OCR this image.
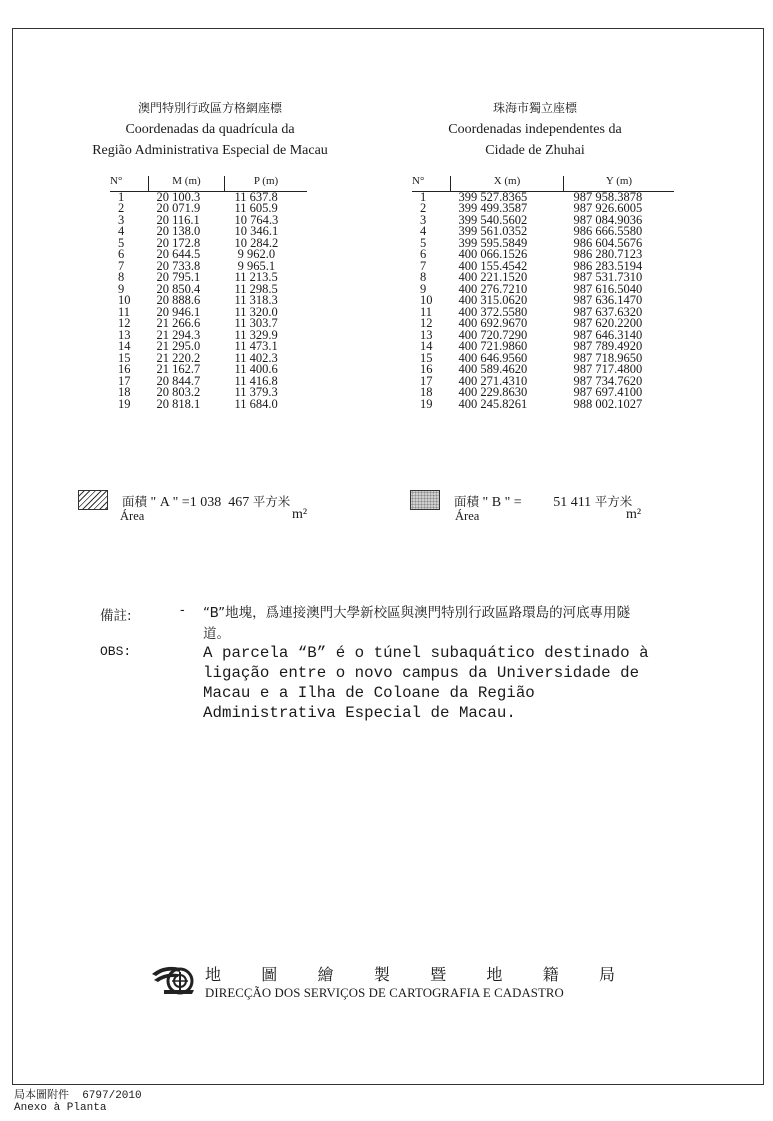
澳門特別行政區方格網座標
Coordenadas da quadrícula da
Região Administrativa Especial de Macau
珠海市獨立座標
Coordenadas independentes da
Cidade de Zhuhai
N°	M (m)	P (m)
1	20 100.3	11 637.8
2	20 071.9	11 605.9
3	20 116.1	10 764.3
4	20 138.0	10 346.1
5	20 172.8	10 284.2
6	20 644.5	9 962.0
7	20 733.8	9 965.1
8	20 795.1	11 213.5
9	20 850.4	11 298.5
10	20 888.6	11 318.3
11	20 946.1	11 320.0
12	21 266.6	11 303.7
13	21 294.3	11 329.9
14	21 295.0	11 473.1
15	21 220.2	11 402.3
16	21 162.7	11 400.6
17	20 844.7	11 416.8
18	20 803.2	11 379.3
19	20 818.1	11 684.0
N°	X (m)	Y (m)
1	399 527.8365	987 958.3878
2	399 499.3587	987 926.6005
3	399 540.5602	987 084.9036
4	399 561.0352	986 666.5580
5	399 595.5849	986 604.5676
6	400 066.1526	986 280.7123
7	400 155.4542	986 283.5194
8	400 221.1520	987 531.7310
9	400 276.7210	987 616.5040
10	400 315.0620	987 636.1470
11	400 372.5580	987 637.6320
12	400 692.9670	987 620.2200
13	400 720.7290	987 646.3140
14	400 721.9860	987 789.4920
15	400 646.9560	987 718.9650
16	400 589.4620	987 717.4800
17	400 271.4310	987 734.7620
18	400 229.8630	987 697.4100
19	400 245.8261	988 002.1027
面積 " A " =1 038  467 平方米
Área	m²
面積 " B " = 51 411 平方米
Área	m²
備註:	- “B”地塊，爲連接澳門大學新校區與澳門特別行政區路環島的河底專用隧道。
OBS:	A parcela “B” é o túnel subaquático destinado à ligação entre o novo campus da Universidade de Macau e a Ilha de Coloane da Região Administrativa Especial de Macau.
地	圖	繪	製	暨	地	籍	局
DIRECÇÃO DOS SERVIÇOS DE CARTOGRAFIA E CADASTRO
局本圖附件 6797/2010
Anexo à Planta
